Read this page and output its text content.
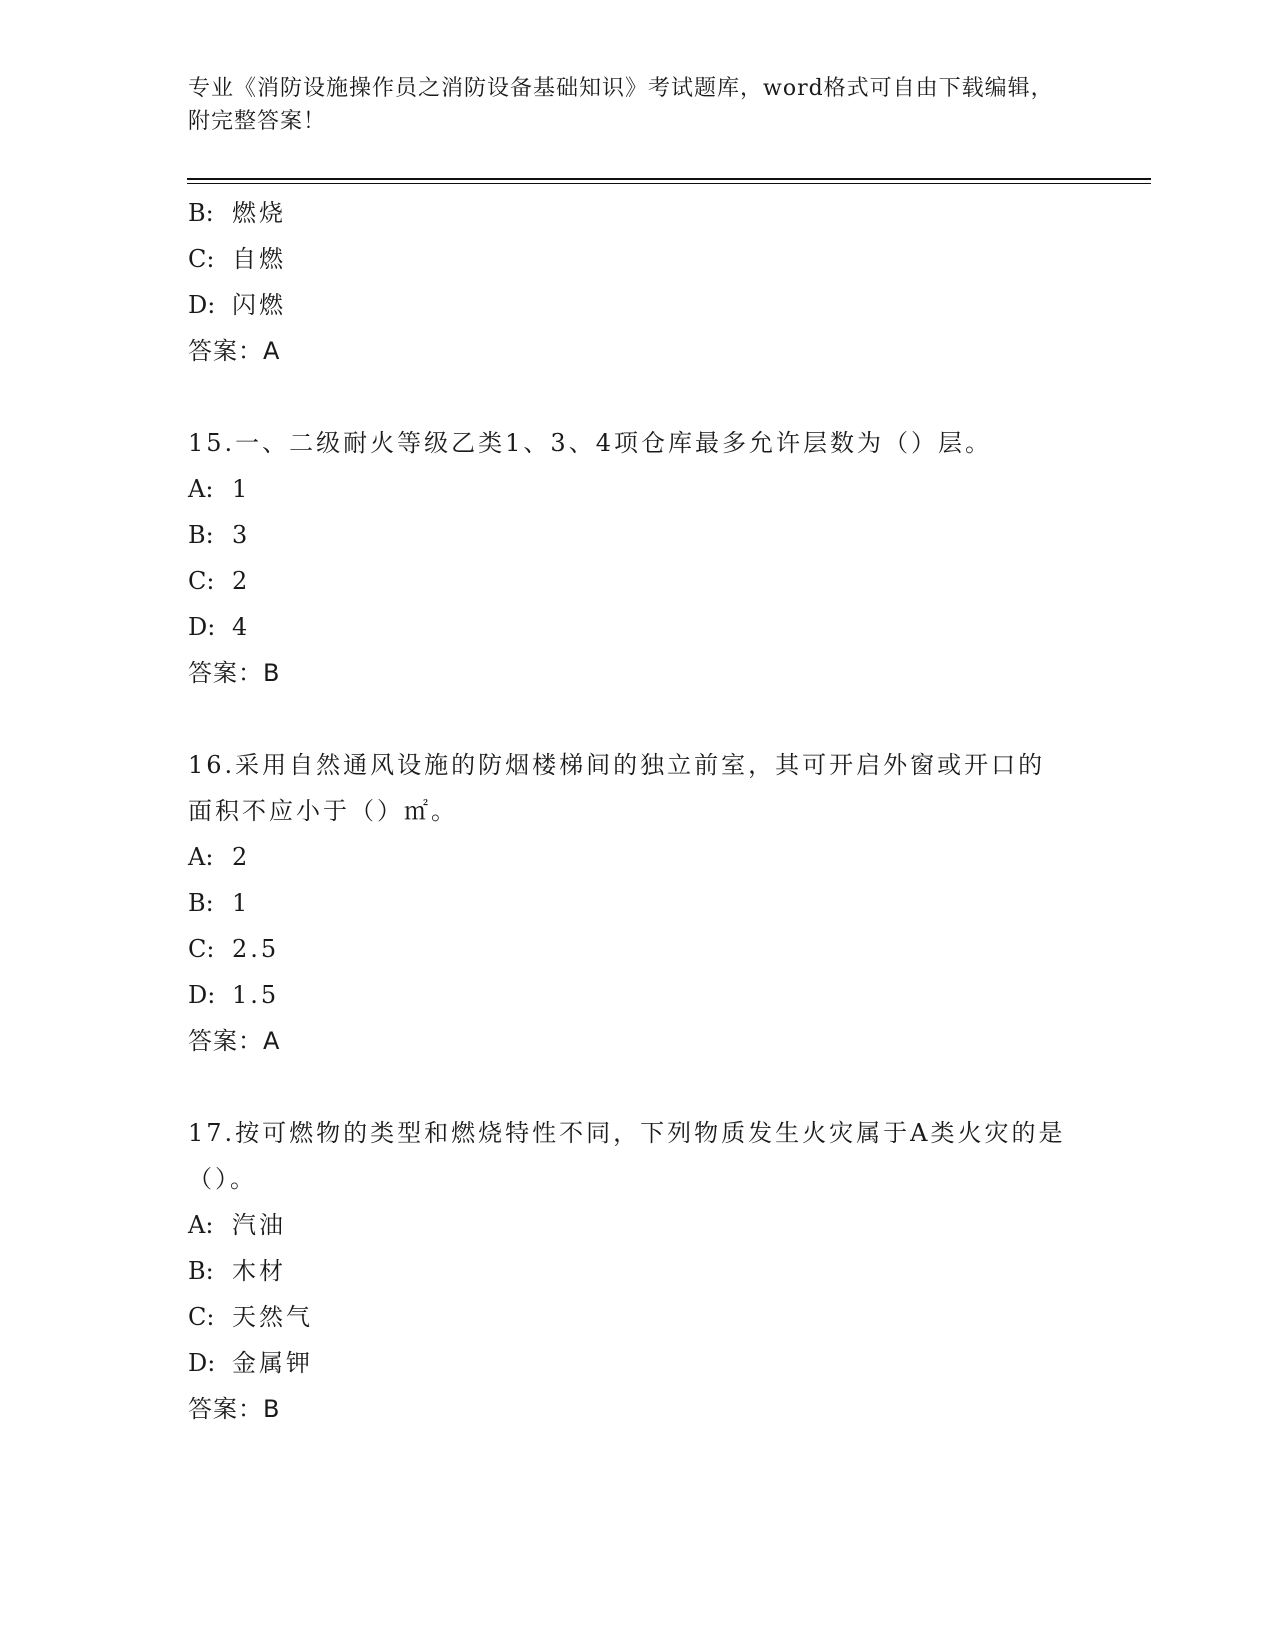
专业《消防设施操作员之消防设备基础知识》考试题库，word格式可自由下载编辑，附完整答案！
B: 燃烧
C: 自燃
D: 闪燃
答案：A
15.一、二级耐火等级乙类1、3、4项仓库最多允许层数为（）层。
A: 1
B: 3
C: 2
D: 4
答案：B
16.采用自然通风设施的防烟楼梯间的独立前室，其可开启外窗或开口的面积不应小于（）㎡。
A: 2
B: 1
C: 2.5
D: 1.5
答案：A
17.按可燃物的类型和燃烧特性不同，下列物质发生火灾属于A类火灾的是（）。
A: 汽油
B: 木材
C: 天然气
D: 金属钾
答案：B
